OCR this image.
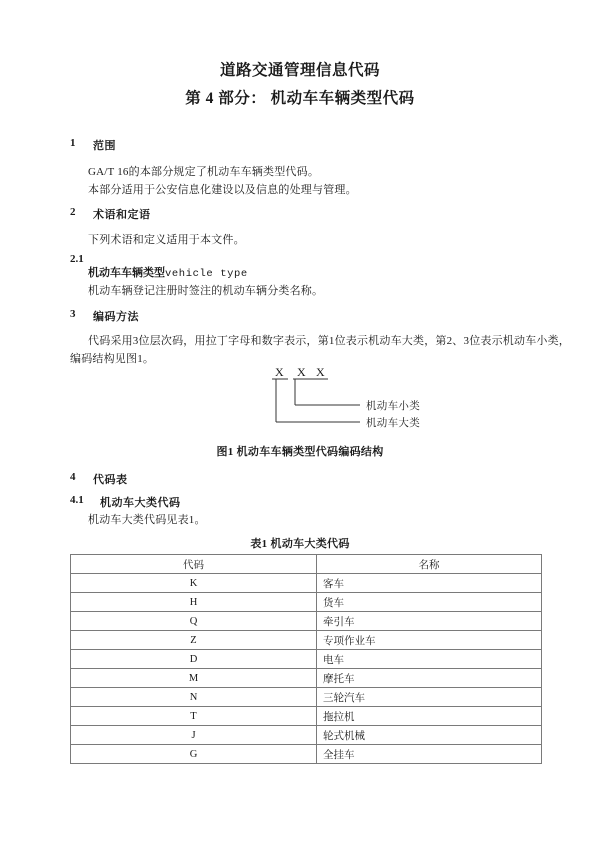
道路交通管理信息代码
第 4 部分： 机动车车辆类型代码
1 范围
GA/T 16的本部分规定了机动车车辆类型代码。
本部分适用于公安信息化建设以及信息的处理与管理。
2 术语和定语
下列术语和定义适用于本文件。
2.1
机动车车辆类型vehicle type
机动车辆登记注册时签注的机动车辆分类名称。
3 编码方法
代码采用3位层次码，用拉丁字母和数字表示，第1位表示机动车大类，第2、3位表示机动车小类，
编码结构见图1。
X X X
机动车小类
机动车大类
图1 机动车车辆类型代码编码结构
4 代码表
4.1 机动车大类代码
机动车大类代码见表1。
表1 机动车大类代码
代码	名称
K	客车
H	货车
Q	牵引车
Z	专项作业车
D	电车
M	摩托车
N	三轮汽车
T	拖拉机
J	轮式机械
G	全挂车
